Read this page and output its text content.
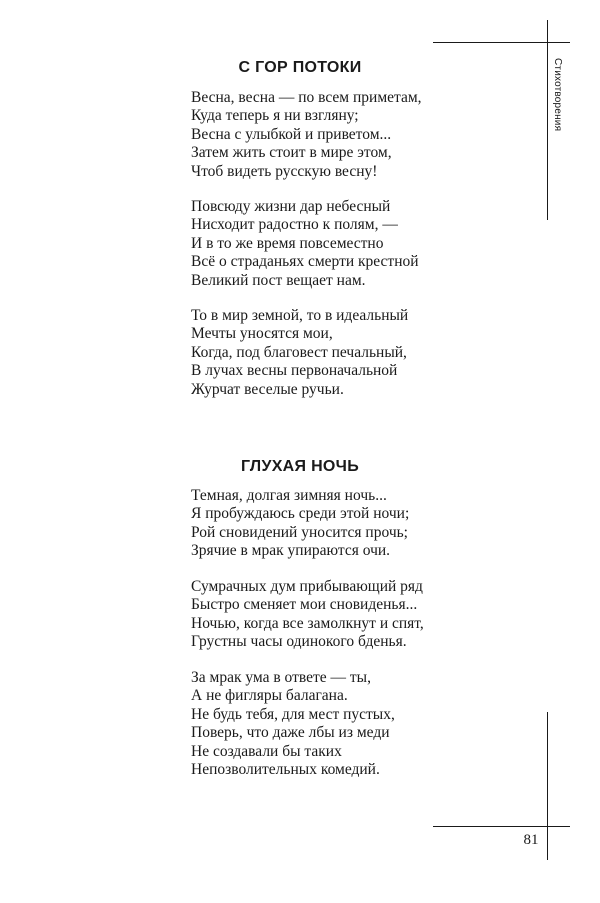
Стихотворения
С ГОР ПОТОКИ
Весна, весна — по всем приметам,
Куда теперь я ни взгляну;
Весна с улыбкой и приветом...
Затем жить стоит в мире этом,
Чтоб видеть русскую весну!
Повсюду жизни дар небесный
Нисходит радостно к полям, —
И в то же время повсеместно
Всё о страданьях смерти крестной
Великий пост вещает нам.
То в мир земной, то в идеальный
Мечты уносятся мои,
Когда, под благовест печальный,
В лучах весны первоначальной
Журчат веселые ручьи.
ГЛУХАЯ НОЧЬ
Темная, долгая зимняя ночь...
Я пробуждаюсь среди этой ночи;
Рой сновидений уносится прочь;
Зрячие в мрак упираются очи.
Сумрачных дум прибывающий ряд
Быстро сменяет мои сновиденья...
Ночью, когда все замолкнут и спят,
Грустны часы одинокого бденья.
За мрак ума в ответе — ты,
А не фигляры балагана.
Не будь тебя, для мест пустых,
Поверь, что даже лбы из меди
Не создавали бы таких
Непозволительных комедий.
81
